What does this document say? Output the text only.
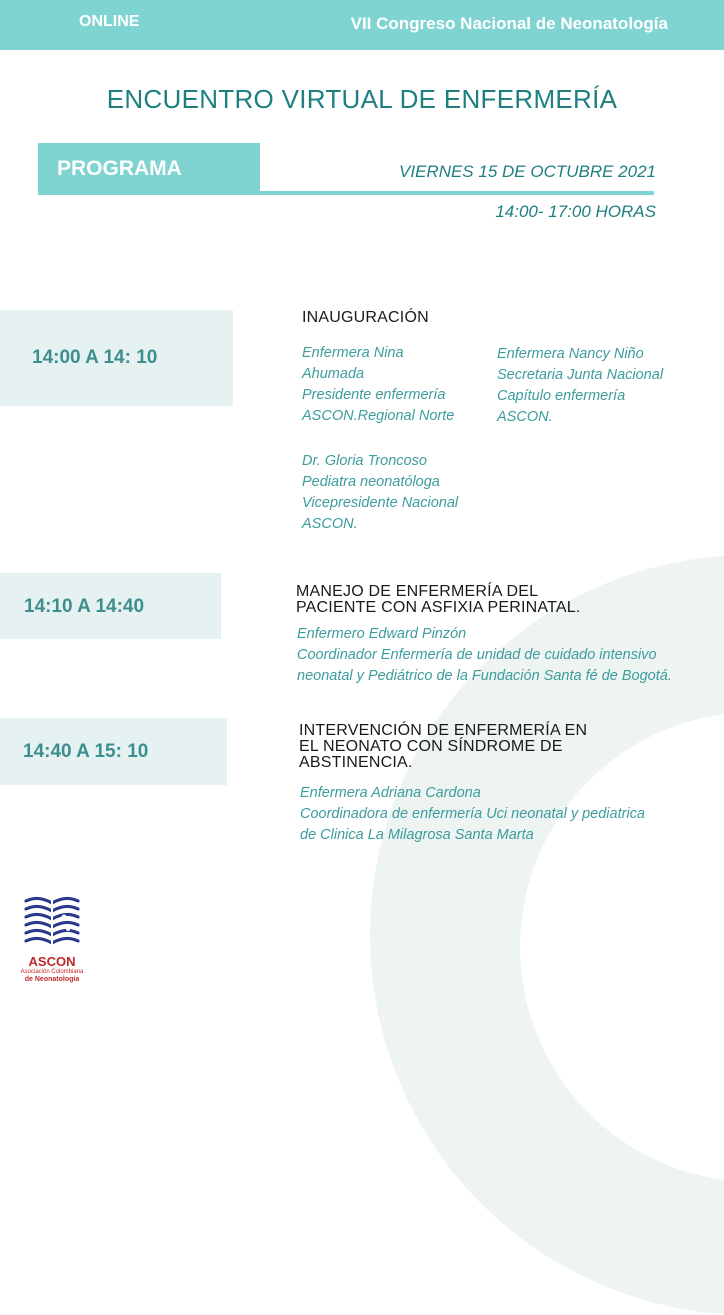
ONLINE	VII Congreso Nacional de Neonatología
ENCUENTRO VIRTUAL DE ENFERMERÍA
PROGRAMA	VIERNES 15 DE OCTUBRE 2021
14:00- 17:00 HORAS
14:00 A 14: 10
INAUGURACIÓN
Enfermera Nina
Ahumada
Presidente enfermería
ASCON.Regional Norte
Enfermera Nancy Niño
Secretaria Junta Nacional
Capítulo enfermería
ASCON.
Dr. Gloria Troncoso
Pediatra neonatóloga
Vicepresidente Nacional
ASCON.
14:10 A 14:40
MANEJO DE ENFERMERÍA DEL
PACIENTE CON ASFIXIA PERINATAL.
Enfermero Edward Pinzón
Coordinador Enfermería de unidad de cuidado intensivo
neonatal y Pediátrico de la Fundación Santa fé de Bogotá.
14:40 A 15: 10
INTERVENCIÓN DE ENFERMERÍA EN
EL NEONATO CON SÍNDROME DE
ABSTINENCIA.
Enfermera Adriana Cardona
Coordinadora de enfermería Uci neonatal y pediatrica
de Clinica La Milagrosa Santa Marta
ASCON
Asociación Colombiana
de Neonatología
